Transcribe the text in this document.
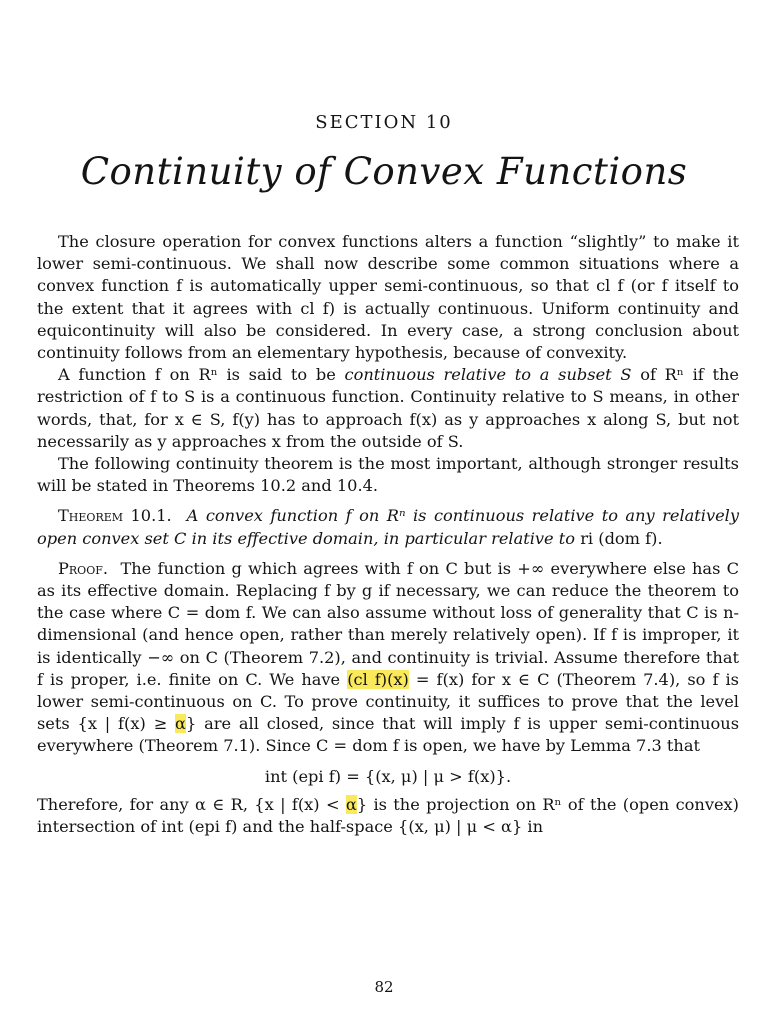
SECTION 10
Continuity of Convex Functions

The closure operation for convex functions alters a function “slightly” to make it lower semi-continuous. We shall now describe some common situations where a convex function f is automatically upper semi-continuous, so that cl f (or f itself to the extent that it agrees with cl f) is actually continuous. Uniform continuity and equicontinuity will also be considered. In every case, a strong conclusion about continuity follows from an elementary hypothesis, because of convexity.

A function f on Rⁿ is said to be continuous relative to a subset S of Rⁿ if the restriction of f to S is a continuous function. Continuity relative to S means, in other words, that, for x ∈ S, f(y) has to approach f(x) as y approaches x along S, but not necessarily as y approaches x from the outside of S.

The following continuity theorem is the most important, although stronger results will be stated in Theorems 10.2 and 10.4.

Theorem 10.1. A convex function f on Rⁿ is continuous relative to any relatively open convex set C in its effective domain, in particular relative to ri (dom f).

Proof. The function g which agrees with f on C but is +∞ everywhere else has C as its effective domain. Replacing f by g if necessary, we can reduce the theorem to the case where C = dom f. We can also assume without loss of generality that C is n-dimensional (and hence open, rather than merely relatively open). If f is improper, it is identically −∞ on C (Theorem 7.2), and continuity is trivial. Assume therefore that f is proper, i.e. finite on C. We have (cl f)(x) = f(x) for x ∈ C (Theorem 7.4), so f is lower semi-continuous on C. To prove continuity, it suffices to prove that the level sets {x | f(x) ≥ α} are all closed, since that will imply f is upper semi-continuous everywhere (Theorem 7.1). Since C = dom f is open, we have by Lemma 7.3 that

int (epi f) = {(x, μ) | μ > f(x)}.

Therefore, for any α ∈ R, {x | f(x) < α} is the projection on Rⁿ of the (open convex) intersection of int (epi f) and the half-space {(x, μ) | μ < α} in

82
